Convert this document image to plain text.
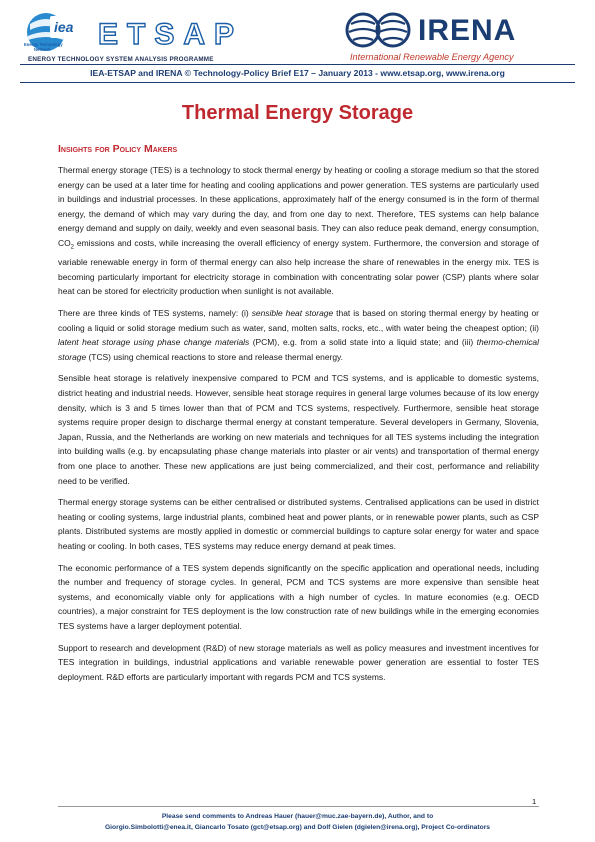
iea
Energy Technology
Network ETSAP
ENERGY TECHNOLOGY SYSTEM ANALYSIS PROGRAMME
IRENA
International Renewable Energy Agency
IEA-ETSAP and IRENA © Technology-Policy Brief E17 – January 2013 - www.etsap.org, www.irena.org
Thermal Energy Storage
Insights for Policy Makers

Thermal energy storage (TES) is a technology to stock thermal energy by heating or cooling a storage medium so that the stored energy can be used at a later time for heating and cooling applications and power generation. TES systems are particularly used in buildings and industrial processes. In these applications, approximately half of the energy consumed is in the form of thermal energy, the demand of which may vary during the day, and from one day to next. Therefore, TES systems can help balance energy demand and supply on daily, weekly and even seasonal basis. They can also reduce peak demand, energy consumption, $CO_2$ emissions and costs, while increasing the overall efficiency of energy system. Furthermore, the conversion and storage of variable renewable energy in form of thermal energy can also help increase the share of renewables in the energy mix. TES is becoming particularly important for electricity storage in combination with concentrating solar power (CSP) plants where solar heat can be stored for electricity production when sunlight is not available.

There are three kinds of TES systems, namely: (i) sensible heat storage that is based on storing thermal energy by heating or cooling a liquid or solid storage medium such as water, sand, molten salts, rocks, etc., with water being the cheapest option; (ii) latent heat storage using phase change materials (PCM), e.g. from a solid state into a liquid state; and (iii) thermo-chemical storage (TCS) using chemical reactions to store and release thermal energy.

Sensible heat storage is relatively inexpensive compared to PCM and TCS systems, and is applicable to domestic systems, district heating and industrial needs. However, sensible heat storage requires in general large volumes because of its low energy density, which is 3 and 5 times lower than that of PCM and TCS systems, respectively. Furthermore, sensible heat storage systems require proper design to discharge thermal energy at constant temperature. Several developers in Germany, Slovenia, Japan, Russia, and the Netherlands are working on new materials and techniques for all TES systems including the integration into building walls (e.g. by encapsulating phase change materials into plaster or air vents) and transportation of thermal energy from one place to another. These new applications are just being commercialized, and their cost, performance and reliability need to be verified.

Thermal energy storage systems can be either centralised or distributed systems. Centralised applications can be used in district heating or cooling systems, large industrial plants, combined heat and power plants, or in renewable power plants, such as CSP plants. Distributed systems are mostly applied in domestic or commercial buildings to capture solar energy for water and space heating or cooling. In both cases, TES systems may reduce energy demand at peak times.

The economic performance of a TES system depends significantly on the specific application and operational needs, including the number and frequency of storage cycles. In general, PCM and TCS systems are more expensive than sensible heat systems, and economically viable only for applications with a high number of cycles. In mature economies (e.g. OECD countries), a major constraint for TES deployment is the low construction rate of new buildings while in the emerging economies TES systems have a larger deployment potential.

Support to research and development (R&D) of new storage materials as well as policy measures and investment incentives for TES integration in buildings, industrial applications and variable renewable power generation are essential to foster TES deployment. R&D efforts are particularly important with regards PCM and TCS systems.

1
Please send comments to Andreas Hauer (hauer@muc.zae-bayern.de), Author, and to
Giorgio.Simbolotti@enea.it, Giancarlo Tosato (gct@etsap.org) and Dolf Gielen (dgielen@irena.org), Project Co-ordinators
